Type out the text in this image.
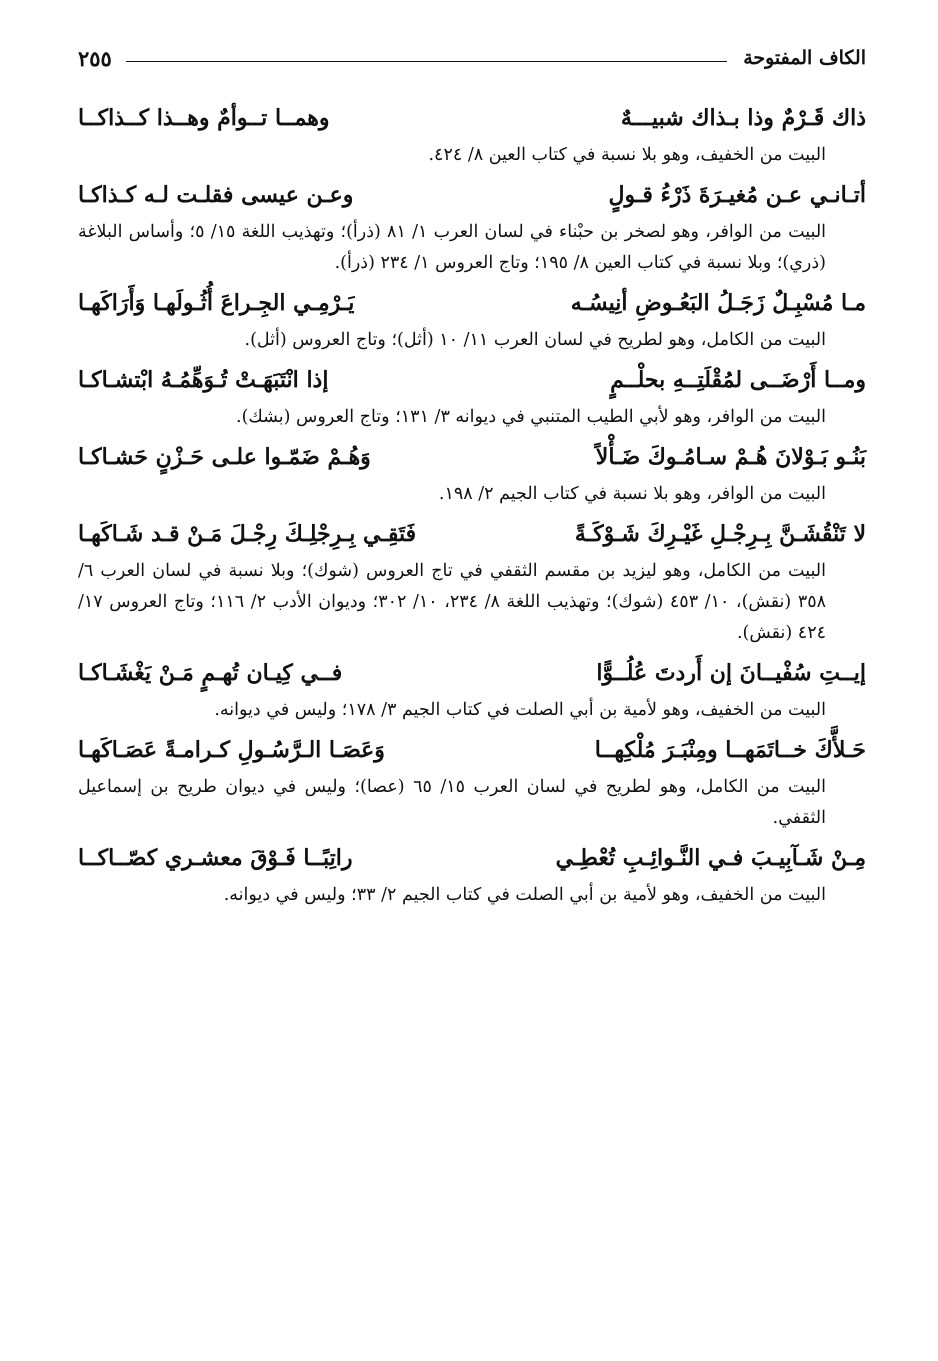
الكاف المفتوحة
٢٥٥
ذاك قَـرْمٌ وذا بـذاك شبيـــهٌ
وهمــا تــوأمٌ وهــذا كــذاكــا
البيت من الخفيف، وهو بلا نسبة في كتاب العين ٨/ ٤٢٤.
أتـانـي عـن مُغيـرَةَ ذَرْءُ قـولٍ
وعـن عيسى فقلـت لـه كـذاكـا
البيت من الوافر، وهو لصخر بن حبْناء في لسان العرب ١/ ٨١ (ذرأ)؛ وتهذيب اللغة ١٥/ ٥؛ وأساس البلاغة (ذري)؛ وبلا نسبة في كتاب العين ٨/ ١٩٥؛ وتاج العروس ١/ ٢٣٤ (ذرأ).
مـا مُسْبِـلٌ زَجَـلُ البَعُـوضِ أنِيسُـه
يَـرْمِـي الجِـراعَ أُثُـولَهـا وَأَرَاكَهـا
البيت من الكامل، وهو لطريح في لسان العرب ١١/ ١٠ (أثل)؛ وتاج العروس (أثل).
ومــا أَرْضَــى لمُقْلَتِــهِ بحلْــمٍ
إذا انْتَبَهَـتْ تُـوَهِّمُـهُ ابْتشـاكـا
البيت من الوافر، وهو لأبي الطيب المتنبي في ديوانه ٣/ ١٣١؛ وتاج العروس (بشك).
بَنُـو بَـوْلانَ هُـمْ سـامُـوكَ ضَـأْلاً
وَهُـمْ ضَمّـوا علـى حَـزْنٍ حَشـاكـا
البيت من الوافر، وهو بلا نسبة في كتاب الجيم ٢/ ١٩٨.
لا تَنْقُشَـنَّ بِـرِجْـلِ غَيْـرِكَ شَـوْكَـةً
فَتَقِـي بِـرِجْلِـكَ رِجْـلَ مَـنْ قـد شَـاكَهـا
البيت من الكامل، وهو ليزيد بن مقسم الثقفي في تاج العروس (شوك)؛ وبلا نسبة في لسان العرب ٦/ ٣٥٨ (نقش)، ١٠/ ٤٥٣ (شوك)؛ وتهذيب اللغة ٨/ ٢٣٤، ١٠/ ٣٠٢؛ وديوان الأدب ٢/ ١١٦؛ وتاج العروس ١٧/ ٤٢٤ (نقش).
إيــتِ سُفْيــانَ إن أَردتَ عُلُــوًّا
فــي كِيـان تُهـمٍ مَـنْ يَغْشَـاكـا
البيت من الخفيف، وهو لأمية بن أبي الصلت في كتاب الجيم ٣/ ١٧٨؛ وليس في ديوانه.
حَـلأَّكَ خــاتَمَهــا ومِنْبَـرَ مُلْكِهــا
وَعَصَـا الـرَّسُـولِ كـرامـةً عَصَـاكَهـا
البيت من الكامل، وهو لطريح في لسان العرب ١٥/ ٦٥ (عصا)؛ وليس في ديوان طريح بن إسماعيل الثقفي.
مِـنْ شَـآبِيـبَ فـي النَّـوائِـبِ تُعْطِـي
راتِبًــا فَـوْقَ معشـري كصّــاكــا
البيت من الخفيف، وهو لأمية بن أبي الصلت في كتاب الجيم ٢/ ٣٣؛ وليس في ديوانه.
